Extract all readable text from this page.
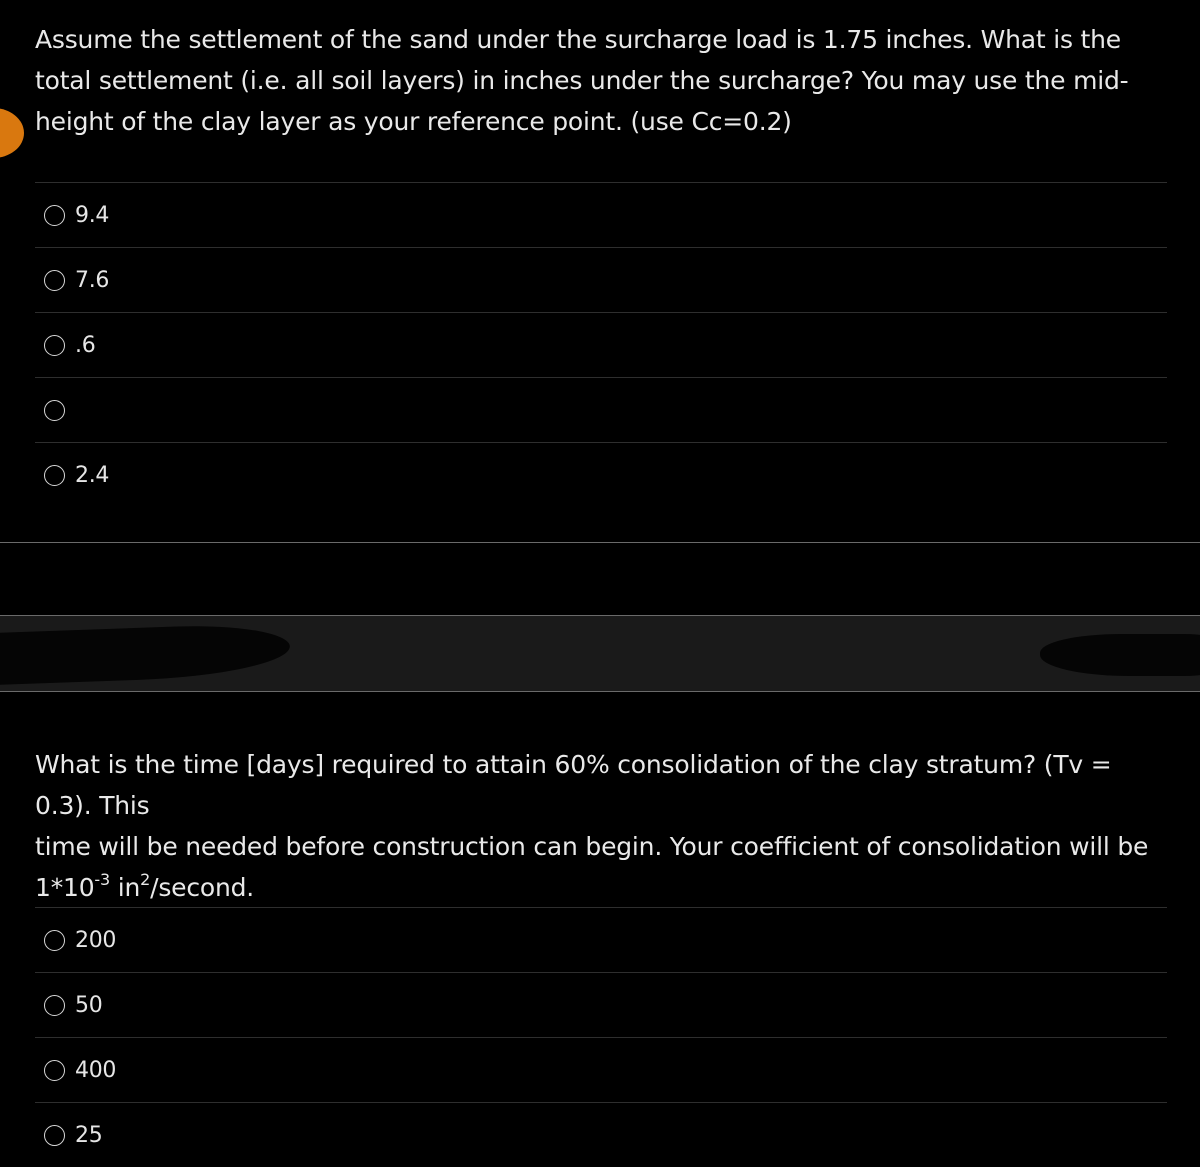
Assume the settlement of the sand under the surcharge load is 1.75 inches. What is the total settlement (i.e. all soil layers) in inches under the surcharge? You may use the mid-height of the clay layer as your reference point. (use Cc=0.2)

9.4
7.6
.6
2.4

What is the time [days] required to attain 60% consolidation of the clay stratum? (Tv = 0.3). This
time will be needed before construction can begin. Your coefficient of consolidation will be
$1*10^{-3}$ $in^2$/second.

200
50
400
25
